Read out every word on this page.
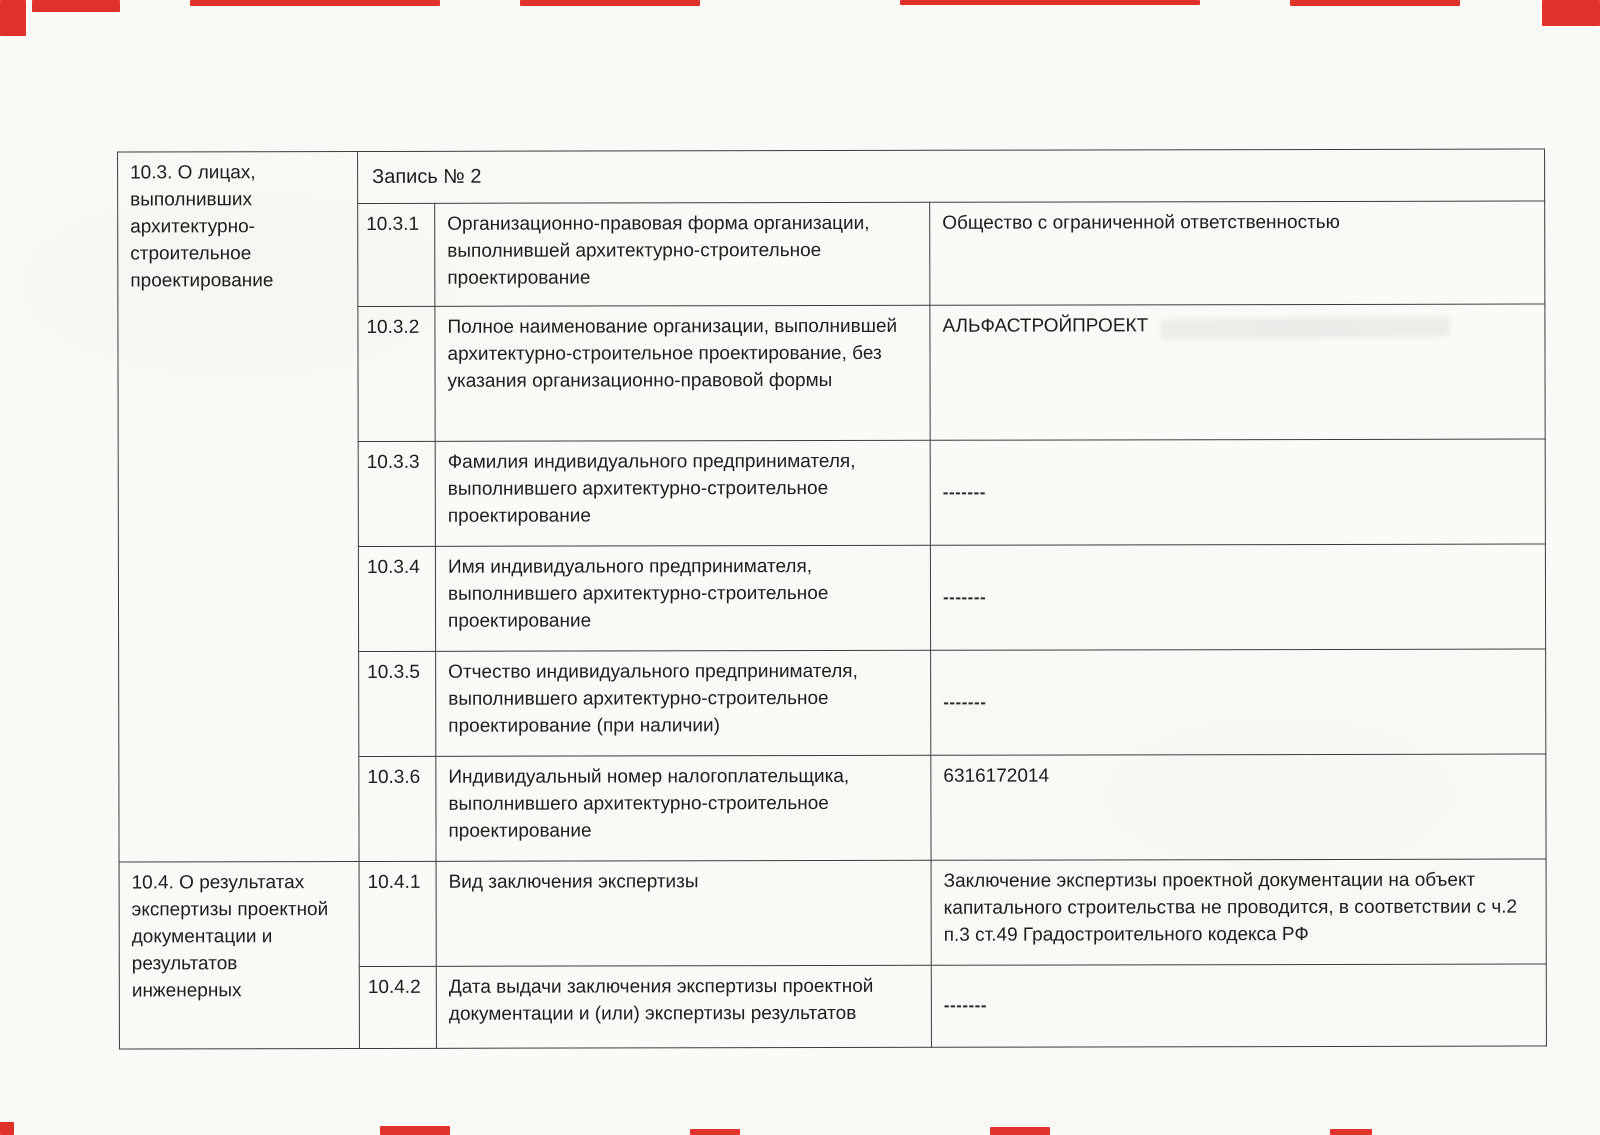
10.3. О лицах, выполнивших архитектурно-строительное проектирование	Запись № 2		
	10.3.1	Организационно-правовая форма организации, выполнившей архитектурно-строительное проектирование	Общество с ограниченной ответственностью
	10.3.2	Полное наименование организации, выполнившей архитектурно-строительное проектирование, без указания организационно-правовой формы	АЛЬФАСТРОЙПРОЕКТ
	10.3.3	Фамилия индивидуального предпринимателя, выполнившего архитектурно-строительное проектирование	-------
	10.3.4	Имя индивидуального предпринимателя, выполнившего архитектурно-строительное проектирование	-------
	10.3.5	Отчество индивидуального предпринимателя, выполнившего архитектурно-строительное проектирование (при наличии)	-------
	10.3.6	Индивидуальный номер налогоплательщика, выполнившего архитектурно-строительное проектирование	6316172014
10.4. О результатах экспертизы проектной документации и результатов инженерных	10.4.1	Вид заключения экспертизы	Заключение экспертизы проектной документации на объект капитального строительства не проводится, в соответствии с ч.2 п.3 ст.49 Градостроительного кодекса РФ
	10.4.2	Дата выдачи заключения экспертизы проектной документации и (или) экспертизы результатов	-------
